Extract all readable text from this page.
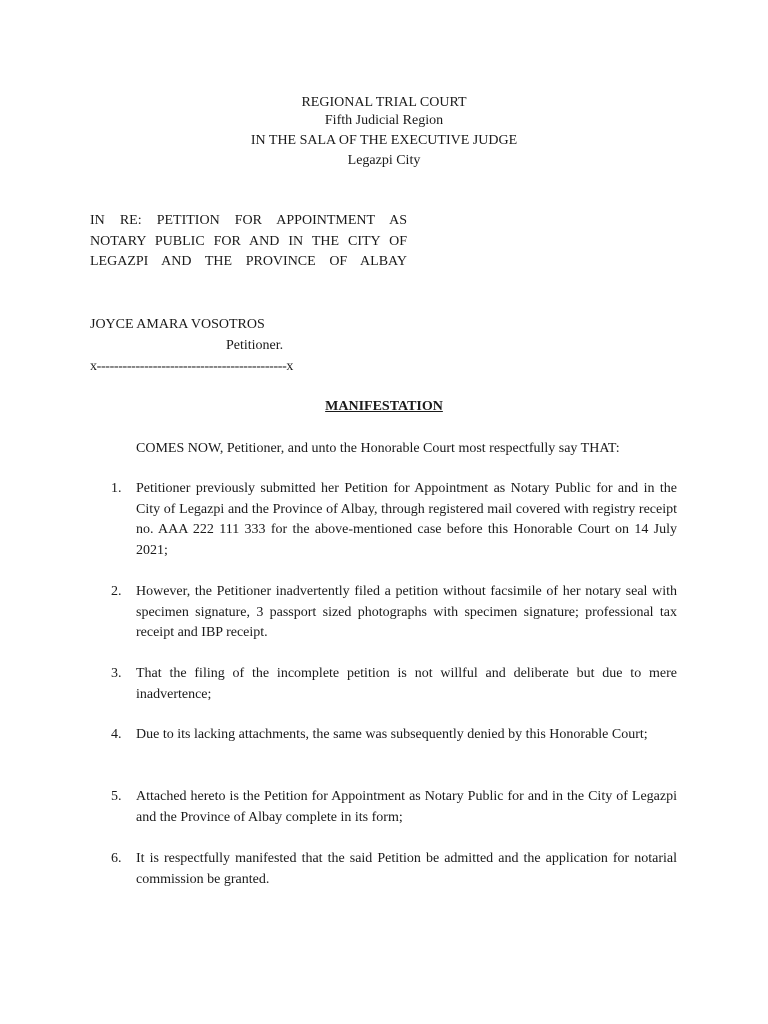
REGIONAL TRIAL COURT
Fifth Judicial Region
IN THE SALA OF THE EXECUTIVE JUDGE
Legazpi City
IN RE: PETITION FOR APPOINTMENT AS
NOTARY PUBLIC FOR AND IN THE CITY OF
LEGAZPI AND THE PROVINCE OF ALBAY
JOYCE AMARA VOSOTROS
Petitioner.
x--------------------------------------------x
MANIFESTATION
COMES NOW, Petitioner, and unto the Honorable Court most respectfully say THAT:
1.	Petitioner previously submitted her Petition for Appointment as Notary Public for and in the City of Legazpi and the Province of Albay, through registered mail covered with registry receipt no. AAA 222 111 333 for the above-mentioned case before this Honorable Court on 14 July 2021;
2.	However, the Petitioner inadvertently filed a petition without facsimile of her notary seal with specimen signature, 3 passport sized photographs with specimen signature; professional tax receipt and IBP receipt.
3.	That the filing of the incomplete petition is not willful and deliberate but due to mere inadvertence;
4.	Due to its lacking attachments, the same was subsequently denied by this Honorable Court;
5.	Attached hereto is the Petition for Appointment as Notary Public for and in the City of Legazpi and the Province of Albay complete in its form;
6.	It is respectfully manifested that the said Petition be admitted and the application for notarial commission be granted.
